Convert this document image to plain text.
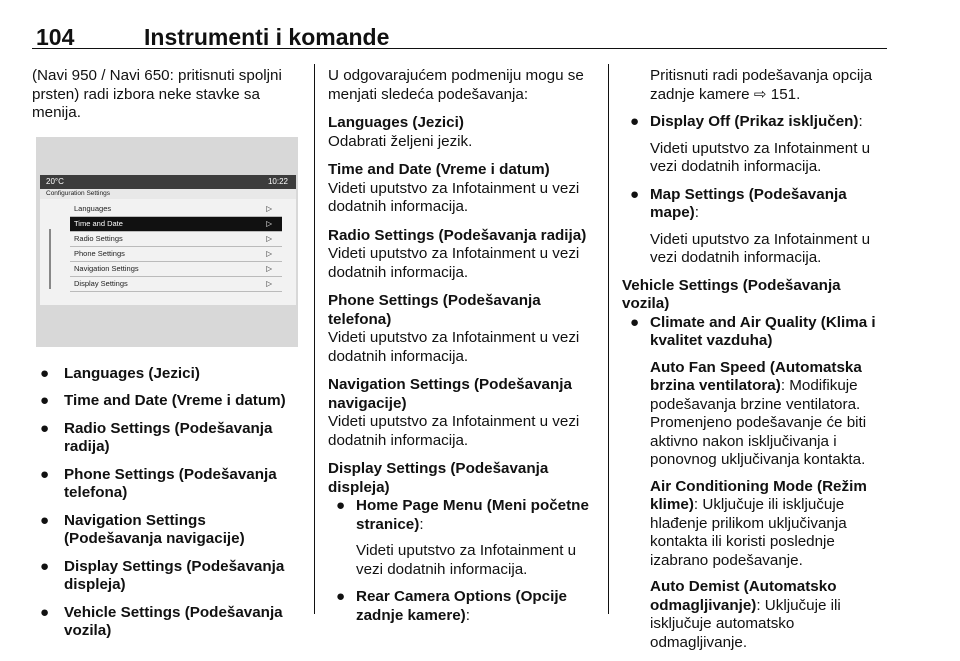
104	Instrumenti i komande

(Navi 950 / Navi 650: pritisnuti spoljni prsten) radi izbora neke stavke sa menija.

20°C	10:22
Configuration Settings
Languages	▷
Time and Date	▷
Radio Settings	▷
Phone Settings	▷
Navigation Settings	▷
Display Settings	▷
● Languages (Jezici)
● Time and Date (Vreme i datum)
● Radio Settings (Podešavanja radija)
● Phone Settings (Podešavanja telefona)
● Navigation Settings (Podešavanja navigacije)
● Display Settings (Podešavanja displeja)
● Vehicle Settings (Podešavanja vozila)

U odgovarajućem podmeniju mogu se menjati sledeća podešavanja:

Languages (Jezici)

Odabrati željeni jezik.

Time and Date (Vreme i datum)

Videti uputstvo za Infotainment u vezi dodatnih informacija.

Radio Settings (Podešavanja radija)

Videti uputstvo za Infotainment u vezi dodatnih informacija.

Phone Settings (Podešavanja telefona)

Videti uputstvo za Infotainment u vezi dodatnih informacija.

Navigation Settings (Podešavanja navigacije)

Videti uputstvo za Infotainment u vezi dodatnih informacija.

Display Settings (Podešavanja displeja)

● Home Page Menu (Meni početne stranice):

Videti uputstvo za Infotainment u vezi dodatnih informacija.

● Rear Camera Options (Opcije zadnje kamere):

Pritisnuti radi podešavanja opcija zadnje kamere ⇨ 151.

● Display Off (Prikaz isključen):

Videti uputstvo za Infotainment u vezi dodatnih informacija.

● Map Settings (Podešavanja mape):

Videti uputstvo za Infotainment u vezi dodatnih informacija.

Vehicle Settings (Podešavanja vozila)

● Climate and Air Quality (Klima i kvalitet vazduha)

Auto Fan Speed (Automatska brzina ventilatora): Modifikuje podešavanja brzine ventilatora. Promenjeno podešavanje će biti aktivno nakon isključivanja i ponovnog uključivanja kontakta.

Air Conditioning Mode (Režim klime): Uključuje ili isključuje hlađenje prilikom uključivanja kontakta ili koristi poslednje izabrano podešavanje.

Auto Demist (Automatsko odmagljivanje): Uključuje ili isključuje automatsko odmagljivanje.
